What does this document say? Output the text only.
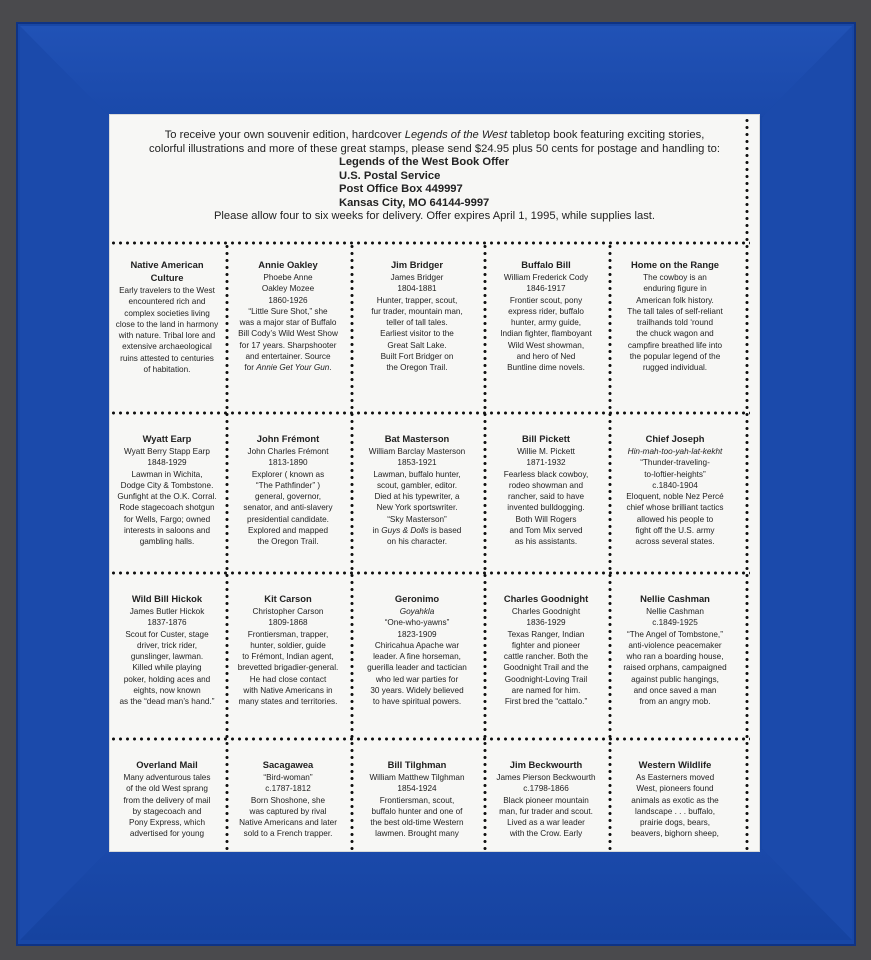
To receive your own souvenir edition, hardcover Legends of the West tabletop book featuring exciting stories,
colorful illustrations and more of these great stamps, please send $24.95 plus 50 cents for postage and handling to:
Legends of the West Book Offer
U.S. Postal Service
Post Office Box 449997
Kansas City, MO 64144-9997
Please allow four to six weeks for delivery. Offer expires April 1, 1995, while supplies last.
Native American
Culture
Early travelers to the West
encountered rich and
complex societies living
close to the land in harmony
with nature. Tribal lore and
extensive archaeological
ruins attested to centuries
of habitation.
Annie Oakley
Phoebe Anne
Oakley Mozee
1860-1926
“Little Sure Shot,” she
was a major star of Buffalo
Bill Cody’s Wild West Show
for 17 years. Sharpshooter
and entertainer. Source
for Annie Get Your Gun.
Jim Bridger
James Bridger
1804-1881
Hunter, trapper, scout,
fur trader, mountain man,
teller of tall tales.
Earliest visitor to the
Great Salt Lake.
Built Fort Bridger on
the Oregon Trail.
Buffalo Bill
William Frederick Cody
1846-1917
Frontier scout, pony
express rider, buffalo
hunter, army guide,
Indian fighter, flamboyant
Wild West showman,
and hero of Ned
Buntline dime novels.
Home on the Range
The cowboy is an
enduring figure in
American folk history.
The tall tales of self-reliant
trailhands told ‘round
the chuck wagon and
campfire breathed life into
the popular legend of the
rugged individual.
Wyatt Earp
Wyatt Berry Stapp Earp
1848-1929
Lawman in Wichita,
Dodge City & Tombstone.
Gunfight at the O.K. Corral.
Rode stagecoach shotgun
for Wells, Fargo; owned
interests in saloons and
gambling halls.
John Frémont
John Charles Frémont
1813-1890
Explorer ( known as
“The Pathfinder” )
general, governor,
senator, and anti-slavery
presidential candidate.
Explored and mapped
the Oregon Trail.
Bat Masterson
William Barclay Masterson
1853-1921
Lawman, buffalo hunter,
scout, gambler, editor.
Died at his typewriter, a
New York sportswriter.
“Sky Masterson”
in Guys & Dolls is based
on his character.
Bill Pickett
Willie M. Pickett
1871-1932
Fearless black cowboy,
rodeo showman and
rancher, said to have
invented bulldogging.
Both Will Rogers
and Tom Mix served
as his assistants.
Chief Joseph
Hin-mah-too-yah-lat-kekht
“Thunder-traveling-
to-loftier-heights”
c.1840-1904
Eloquent, noble Nez Percé
chief whose brilliant tactics
allowed his people to
fight off the U.S. army
across several states.
Wild Bill Hickok
James Butler Hickok
1837-1876
Scout for Custer, stage
driver, trick rider,
gunslinger, lawman.
Killed while playing
poker, holding aces and
eights, now known
as the “dead man’s hand.”
Kit Carson
Christopher Carson
1809-1868
Frontiersman, trapper,
hunter, soldier, guide
to Frémont, Indian agent,
brevetted brigadier-general.
He had close contact
with Native Americans in
many states and territories.
Geronimo
Goyahkla
“One-who-yawns”
1823-1909
Chiricahua Apache war
leader. A fine horseman,
guerilla leader and tactician
who led war parties for
30 years. Widely believed
to have spiritual powers.
Charles Goodnight
Charles Goodnight
1836-1929
Texas Ranger, Indian
fighter and pioneer
cattle rancher. Both the
Goodnight Trail and the
Goodnight-Loving Trail
are named for him.
First bred the “cattalo.”
Nellie Cashman
Nellie Cashman
c.1849-1925
“The Angel of Tombstone,”
anti-violence peacemaker
who ran a boarding house,
raised orphans, campaigned
against public hangings,
and once saved a man
from an angry mob.
Overland Mail
Many adventurous tales
of the old West sprang
from the delivery of mail
by stagecoach and
Pony Express, which
advertised for young
Sacagawea
“Bird-woman”
c.1787-1812
Born Shoshone, she
was captured by rival
Native Americans and later
sold to a French trapper.
Bill Tilghman
William Matthew Tilghman
1854-1924
Frontiersman, scout,
buffalo hunter and one of
the best old-time Western
lawmen. Brought many
Jim Beckwourth
James Pierson Beckwourth
c.1798-1866
Black pioneer mountain
man, fur trader and scout.
Lived as a war leader
with the Crow. Early
Western Wildlife
As Easterners moved
West, pioneers found
animals as exotic as the
landscape . . . buffalo,
prairie dogs, bears,
beavers, bighorn sheep,
